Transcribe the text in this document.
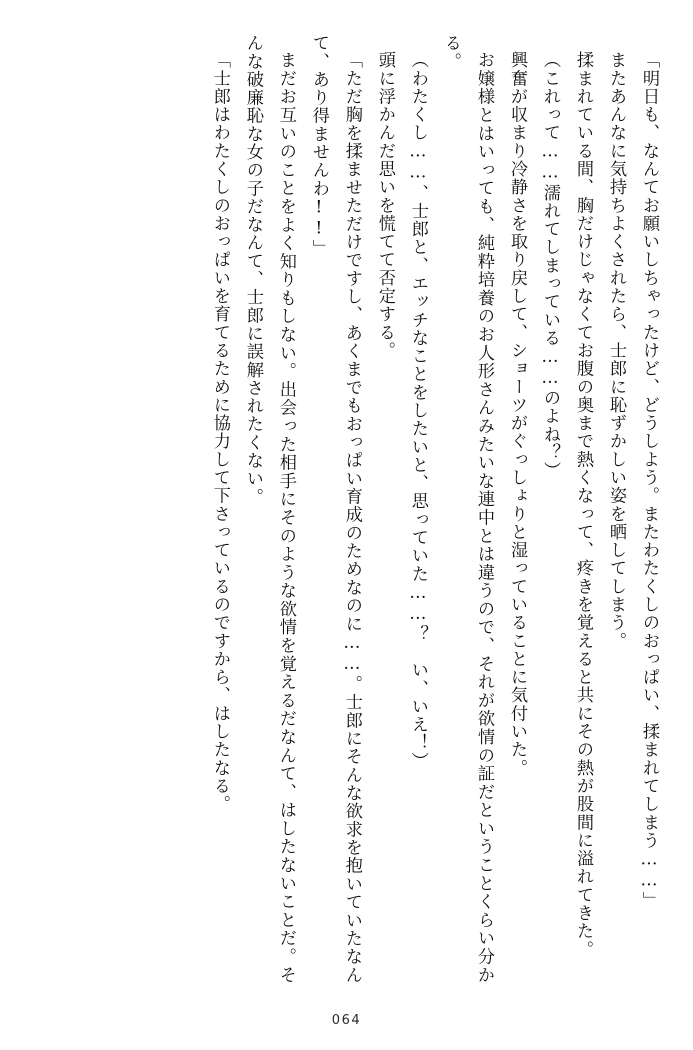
「明日も、なんてお願いしちゃったけど、どうしよう。またわたくしのおっぱい、揉まれてしまう……」

またあんなに気持ちよくされたら、士郎に恥ずかしい姿を晒してしまう。

揉まれている間、胸だけじゃなくてお腹の奥まで熱くなって、疼きを覚えると共にその熱が股間に溢れてきた。

（これって……濡れてしまっている……のよね？）

興奮が収まり冷静さを取り戻して、ショーツがぐっしょりと湿っていることに気付いた。

お嬢様とはいっても、純粋培養のお人形さんみたいな連中とは違うので、それが欲情の証だということくらい分かる。

（わたくし……、士郎と、エッチなことをしたいと、思っていた……？　い、いえ！）

頭に浮かんだ思いを慌てて否定する。

「ただ胸を揉ませただけですし、あくまでもおっぱい育成のためなのに……。士郎にそんな欲求を抱いていたなんて、あり得ませんわ!!」

まだお互いのことをよく知りもしない。出会った相手にそのような欲情を覚えるだなんて、はしたないことだ。そんな破廉恥な女の子だなんて、士郎に誤解されたくない。

「士郎はわたくしのおっぱいを育てるために協力して下さっているのですから、はしたなる。

064
